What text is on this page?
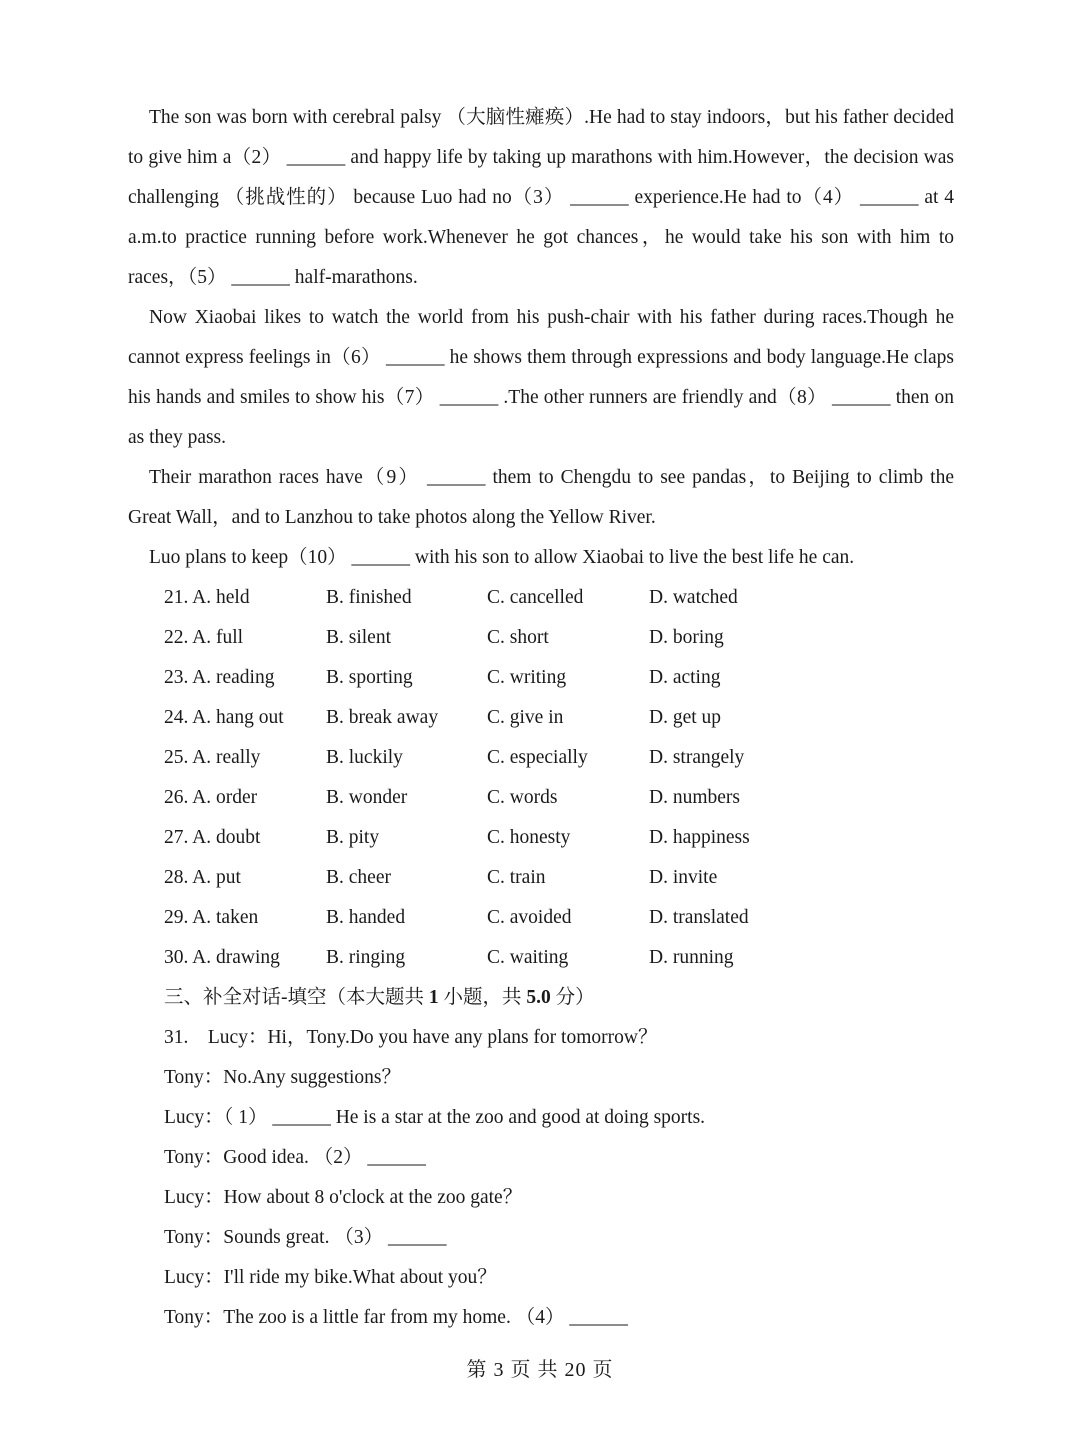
The son was born with cerebral palsy （大脑性瘫痪）.He had to stay indoors，but his father decided to give him a（2） ______ and happy life by taking up marathons with him.However，the decision was challenging （挑战性的） because Luo had no（3） ______ experience.He had to（4） ______ at 4 a.m.to practice running before work.Whenever he got chances，he would take his son with him to races，（5） ______ half-marathons.

Now Xiaobai likes to watch the world from his push-chair with his father during races.Though he cannot express feelings in（6） ______ he shows them through expressions and body language.He claps his hands and smiles to show his（7） ______ .The other runners are friendly and（8） ______ then on as they pass.

Their marathon races have（9） ______ them to Chengdu to see pandas，to Beijing to climb the Great Wall，and to Lanzhou to take photos along the Yellow River.

Luo plans to keep（10） ______ with his son to allow Xiaobai to live the best life he can.

21. A. held	B. finished	C. cancelled	D. watched
22. A. full	B. silent	C. short	D. boring
23. A. reading	B. sporting	C. writing	D. acting
24. A. hang out B. break away	C. give in	D. get up
25. A. really	B. luckily	C. especially	D. strangely
26. A. order	B. wonder	C. words	D. numbers
27. A. doubt	B. pity	C. honesty	D. happiness
28. A. put	B. cheer	C. train	D. invite
29. A. taken	B. handed	C. avoided	D. translated
30. A. drawing B. ringing	C. waiting	D. running
三、补全对话-填空（本大题共 1 小题，共 5.0 分）
31.　Lucy：Hi，Tony.Do you have any plans for tomorrow？
Tony：No.Any suggestions？
Lucy：（ 1） ______ He is a star at the zoo and good at doing sports.
Tony：Good idea. （2） ______
Lucy：How about 8 o'clock at the zoo gate？
Tony：Sounds great. （3） ______
Lucy：I'll ride my bike.What about you？
Tony：The zoo is a little far from my home. （4） ______
第 3 页 共 20 页
